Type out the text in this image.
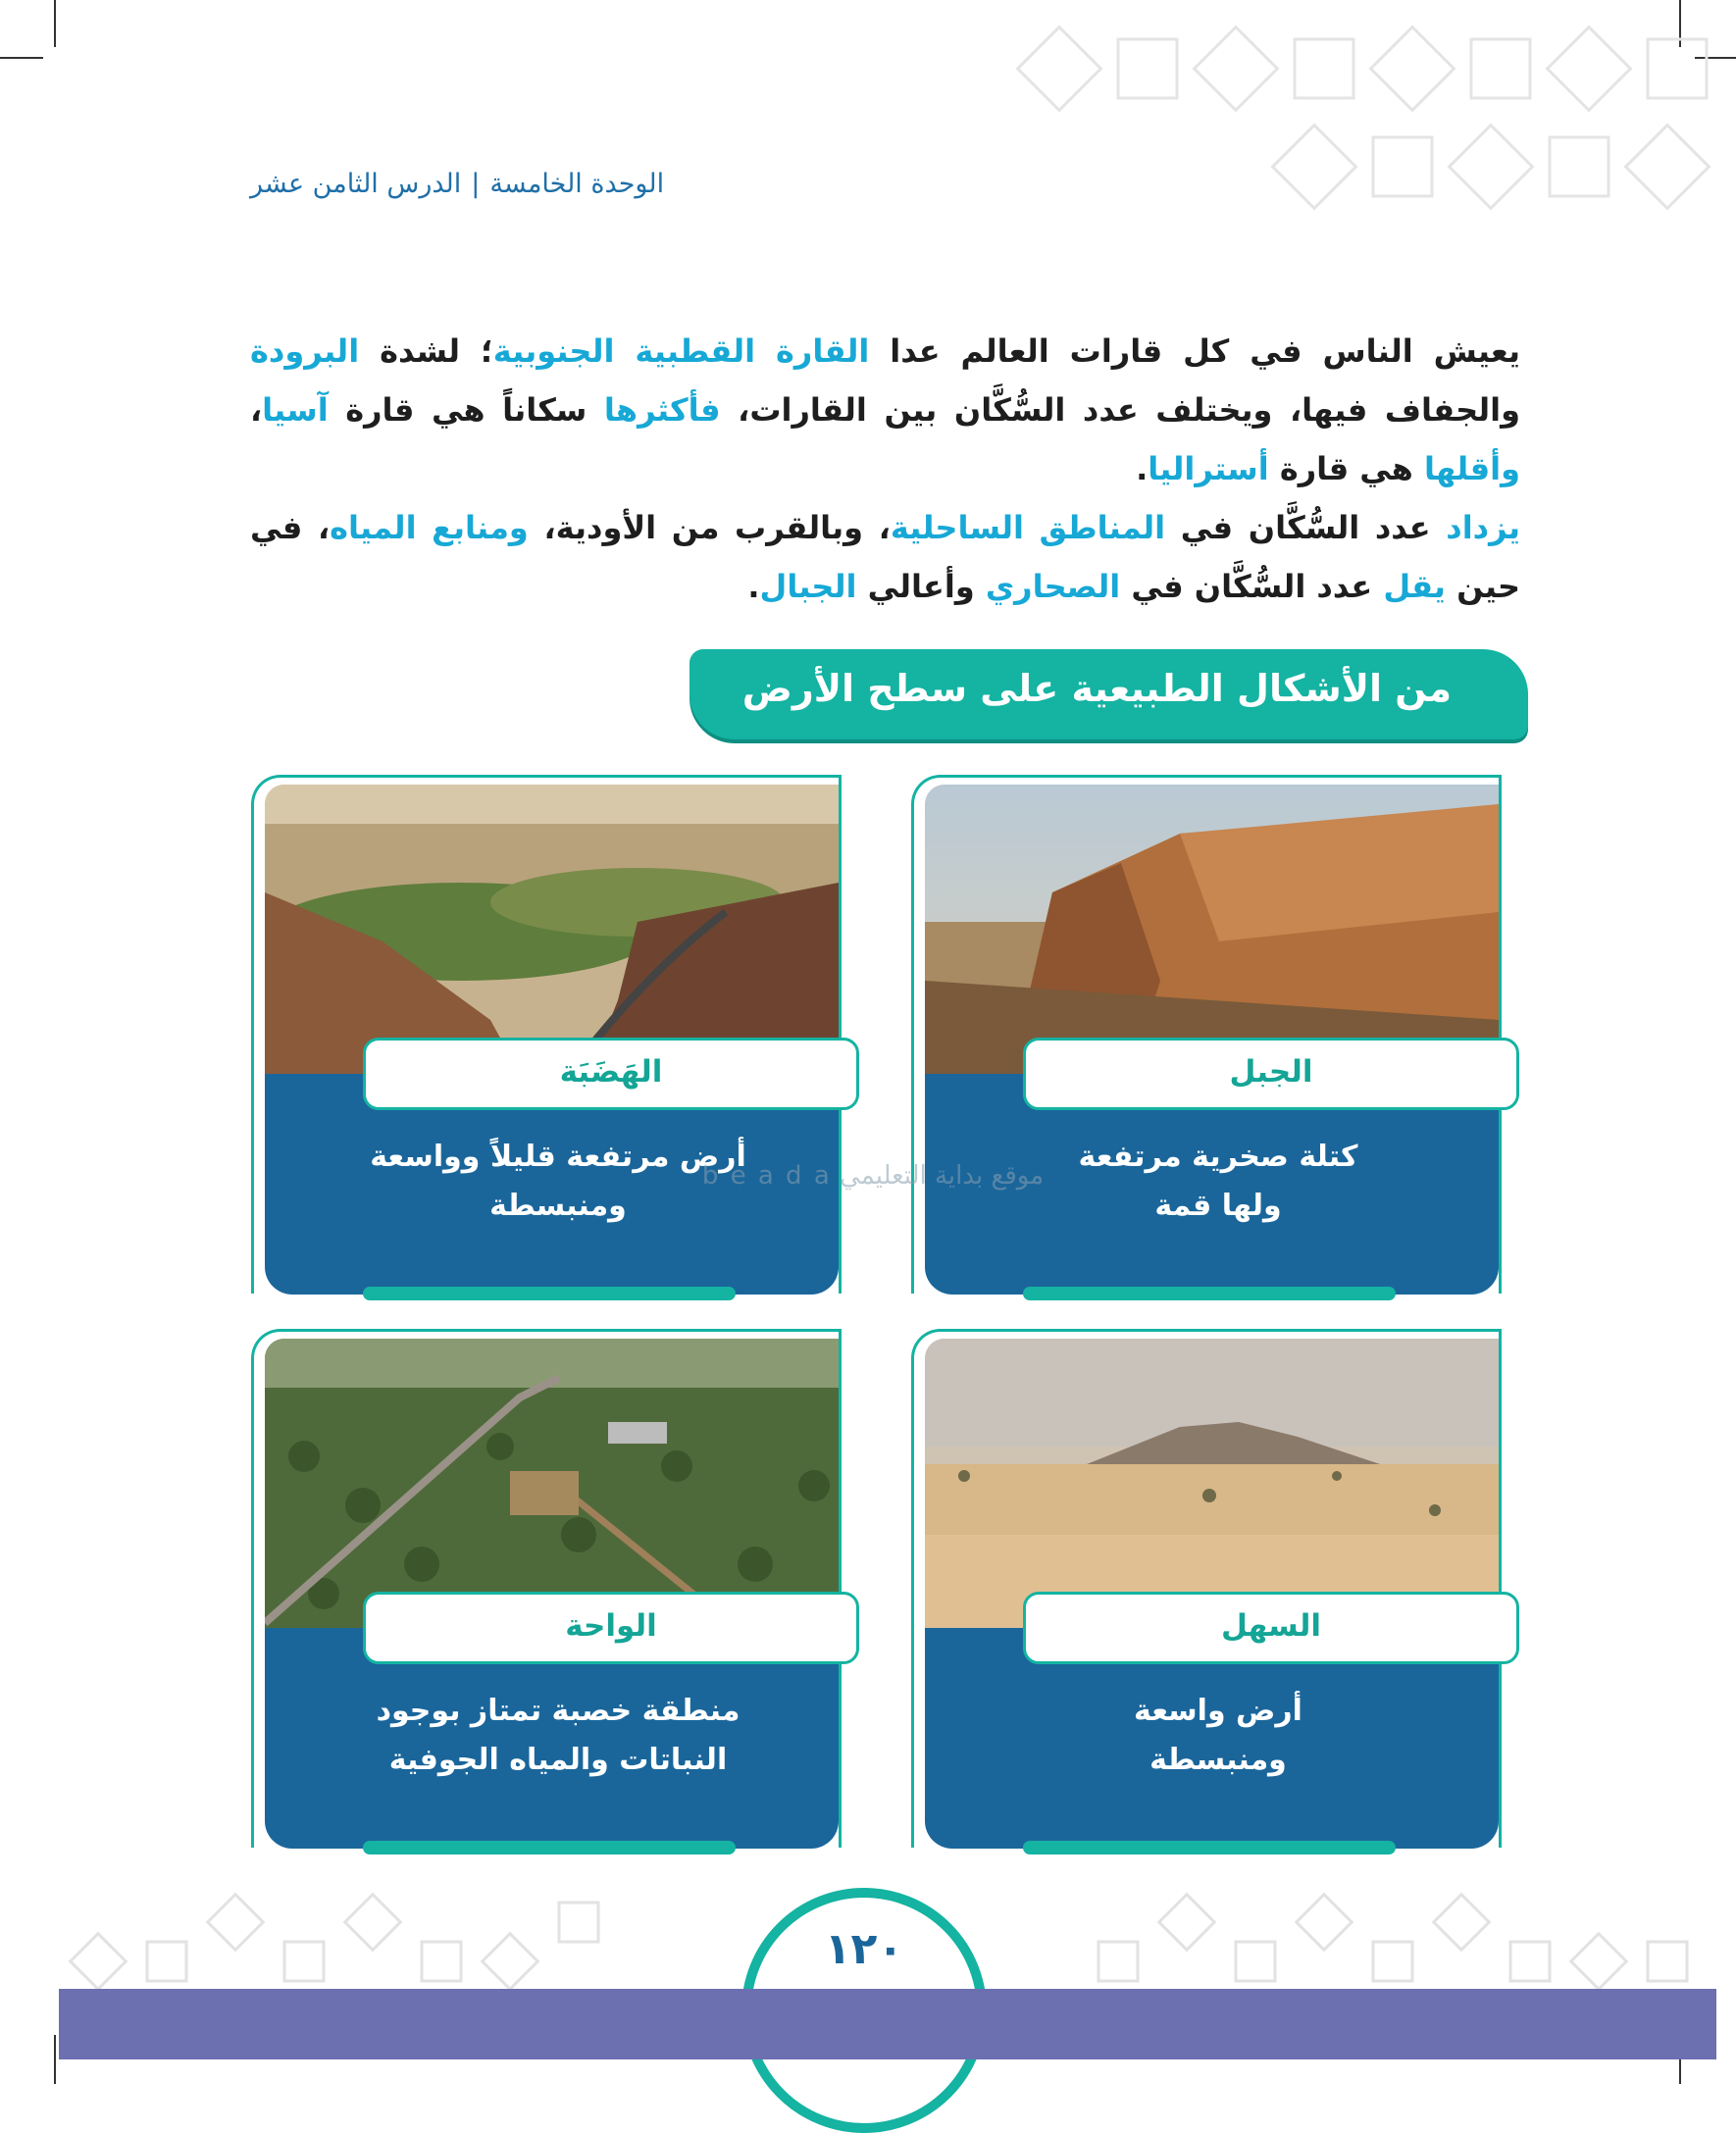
الوحدة الخامسة|الدرس الثامن عشر
يعيش الناس في كل قارات العالم عدا القارة القطبية الجنوبية؛ لشدة البرودة والجفاف فيها، ويختلف عدد السُّكَّان بين القارات، فأكثرها سكاناً هي قارة آسيا، وأقلها هي قارة أستراليا.
يزداد عدد السُّكَّان في المناطق الساحلية، وبالقرب من الأودية، ومنابع المياه، في حين يقل عدد السُّكَّان في الصحاري وأعالي الجبال.
من الأشكال الطبيعية على سطح الأرض
الجبل
كتلة صخرية مرتفعة
ولها قمة
الهَضَبَة
أرض مرتفعة قليلاً وواسعة
ومنبسطة
السهل
أرض واسعة
ومنبسطة
الواحة
منطقة خصبة تمتاز بوجود
النباتات والمياه الجوفية
موقع بداية التعليمي b e a d a
١٢٠
